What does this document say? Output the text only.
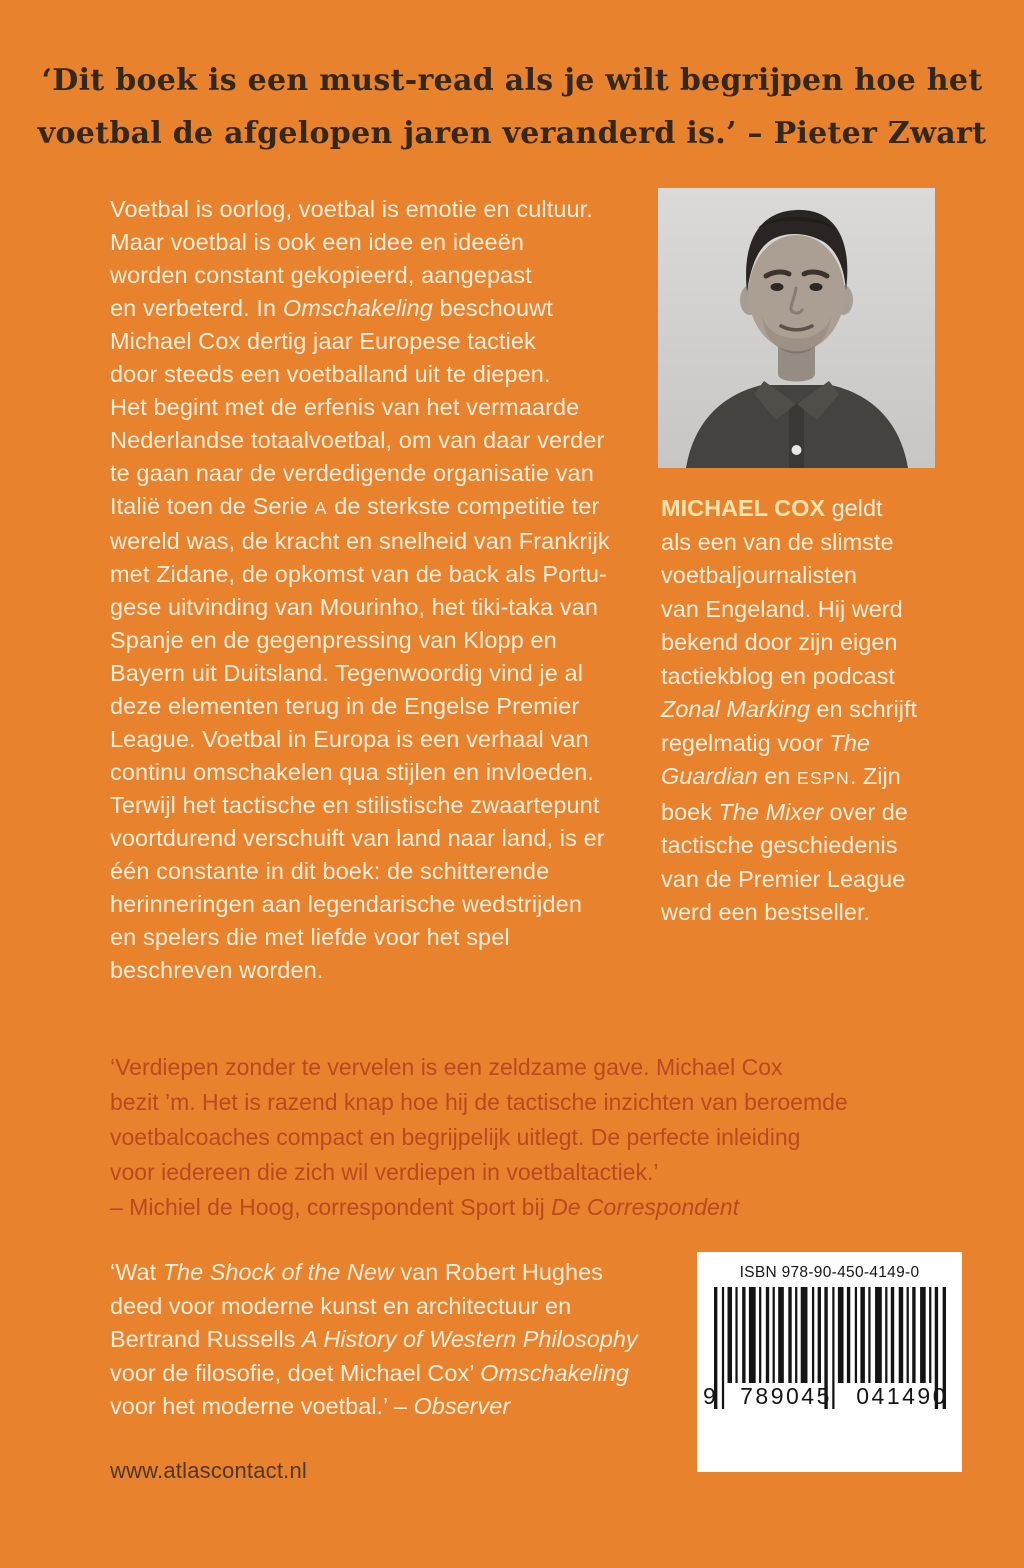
‘Dit boek is een must-read als je wilt begrijpen hoe het
voetbal de afgelopen jaren veranderd is.’ – Pieter Zwart
Voetbal is oorlog, voetbal is emotie en cultuur.
Maar voetbal is ook een idee en ideeën
worden constant gekopieerd, aangepast
en verbeterd. In Omschakeling beschouwt
Michael Cox dertig jaar Europese tactiek
door steeds een voetballand uit te diepen.
Het begint met de erfenis van het vermaarde
Nederlandse totaalvoetbal, om van daar verder
te gaan naar de verdedigende organisatie van
Italië toen de Serie A de sterkste competitie ter
wereld was, de kracht en snelheid van Frankrijk
met Zidane, de opkomst van de back als Portu-
gese uitvinding van Mourinho, het tiki-taka van
Spanje en de gegenpressing van Klopp en
Bayern uit Duitsland. Tegenwoordig vind je al
deze elementen terug in de Engelse Premier
League. Voetbal in Europa is een verhaal van
continu omschakelen qua stijlen en invloeden.
Terwijl het tactische en stilistische zwaartepunt
voortdurend verschuift van land naar land, is er
één constante in dit boek: de schitterende
herinneringen aan legendarische wedstrijden
en spelers die met liefde voor het spel
beschreven worden.
MICHAEL COX geldt
als een van de slimste
voetbaljournalisten
van Engeland. Hij werd
bekend door zijn eigen
tactiekblog en podcast
Zonal Marking en schrijft
regelmatig voor The
Guardian en ESPN. Zijn
boek The Mixer over de
tactische geschiedenis
van de Premier League
werd een bestseller.
‘Verdiepen zonder te vervelen is een zeldzame gave. Michael Cox
bezit ’m. Het is razend knap hoe hij de tactische inzichten van beroemde
voetbalcoaches compact en begrijpelijk uitlegt. De perfecte inleiding
voor iedereen die zich wil verdiepen in voetbaltactiek.’
– Michiel de Hoog, correspondent Sport bij De Correspondent
‘Wat The Shock of the New van Robert Hughes
deed voor moderne kunst en architectuur en
Bertrand Russells A History of Western Philosophy
voor de filosofie, doet Michael Cox’ Omschakeling
voor het moderne voetbal.’ – Observer
ISBN 978-90-450-4149-0
9 789045 041490
www.atlascontact.nl
